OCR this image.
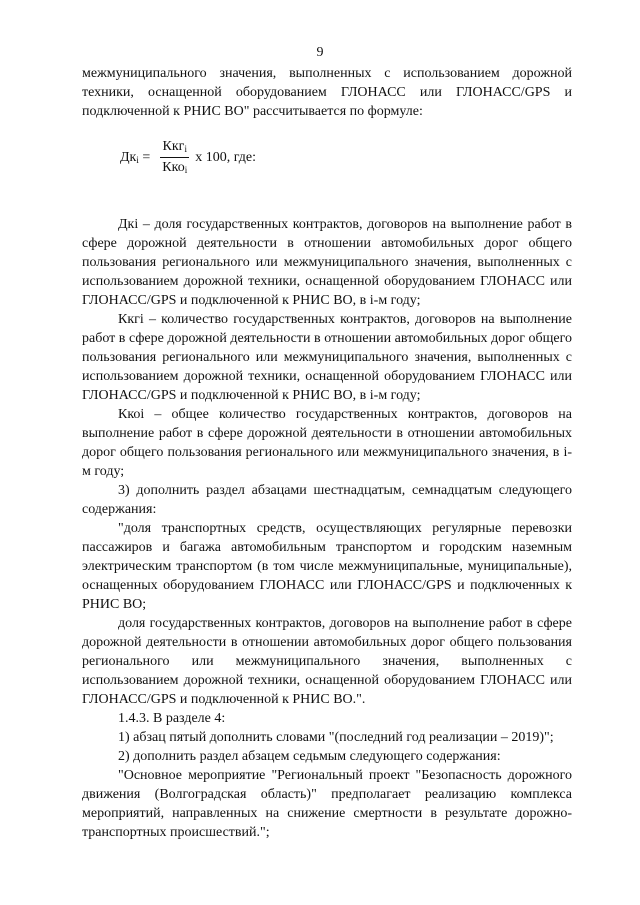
9

межмуниципального значения, выполненных с использованием дорожной техники, оснащенной оборудованием ГЛОНАСС или ГЛОНАСС/GPS и подключенной к РНИС ВО" рассчитывается по формуле:

$Дк_i = \frac{Ккг_i}{Кко_i}$ х 100, где:

Дкi – доля государственных контрактов, договоров на выполнение работ в сфере дорожной деятельности в отношении автомобильных дорог общего пользования регионального или межмуниципального значения, выполненных с использованием дорожной техники, оснащенной оборудованием ГЛОНАСС или ГЛОНАСС/GPS и подключенной к РНИС ВО, в i-м году;

Ккгi – количество государственных контрактов, договоров на выполнение работ в сфере дорожной деятельности в отношении автомобильных дорог общего пользования регионального или межмуниципального значения, выполненных с использованием дорожной техники, оснащенной оборудованием ГЛОНАСС или ГЛОНАСС/GPS и подключенной к РНИС ВО, в i-м году;

Ккоi – общее количество государственных контрактов, договоров на выполнение работ в сфере дорожной деятельности в отношении автомобильных дорог общего пользования регионального или межмуниципального значения, в i-м году;

3) дополнить раздел абзацами шестнадцатым, семнадцатым следующего содержания:

"доля транспортных средств, осуществляющих регулярные перевозки пассажиров и багажа автомобильным транспортом и городским наземным электрическим транспортом (в том числе межмуниципальные, муниципальные), оснащенных оборудованием ГЛОНАСС или ГЛОНАСС/GPS и подключенных к РНИС ВО;

доля государственных контрактов, договоров на выполнение работ в сфере дорожной деятельности в отношении автомобильных дорог общего пользования регионального или межмуниципального значения, выполненных с использованием дорожной техники, оснащенной оборудованием ГЛОНАСС или ГЛОНАСС/GPS и подключенной к РНИС ВО.".

1.4.3. В разделе 4:

1) абзац пятый дополнить словами "(последний год реализации – 2019)";

2) дополнить раздел абзацем седьмым следующего содержания:

"Основное мероприятие "Региональный проект "Безопасность дорожного движения (Волгоградская область)" предполагает реализацию комплекса мероприятий, направленных на снижение смертности в результате дорожно-транспортных происшествий.";
